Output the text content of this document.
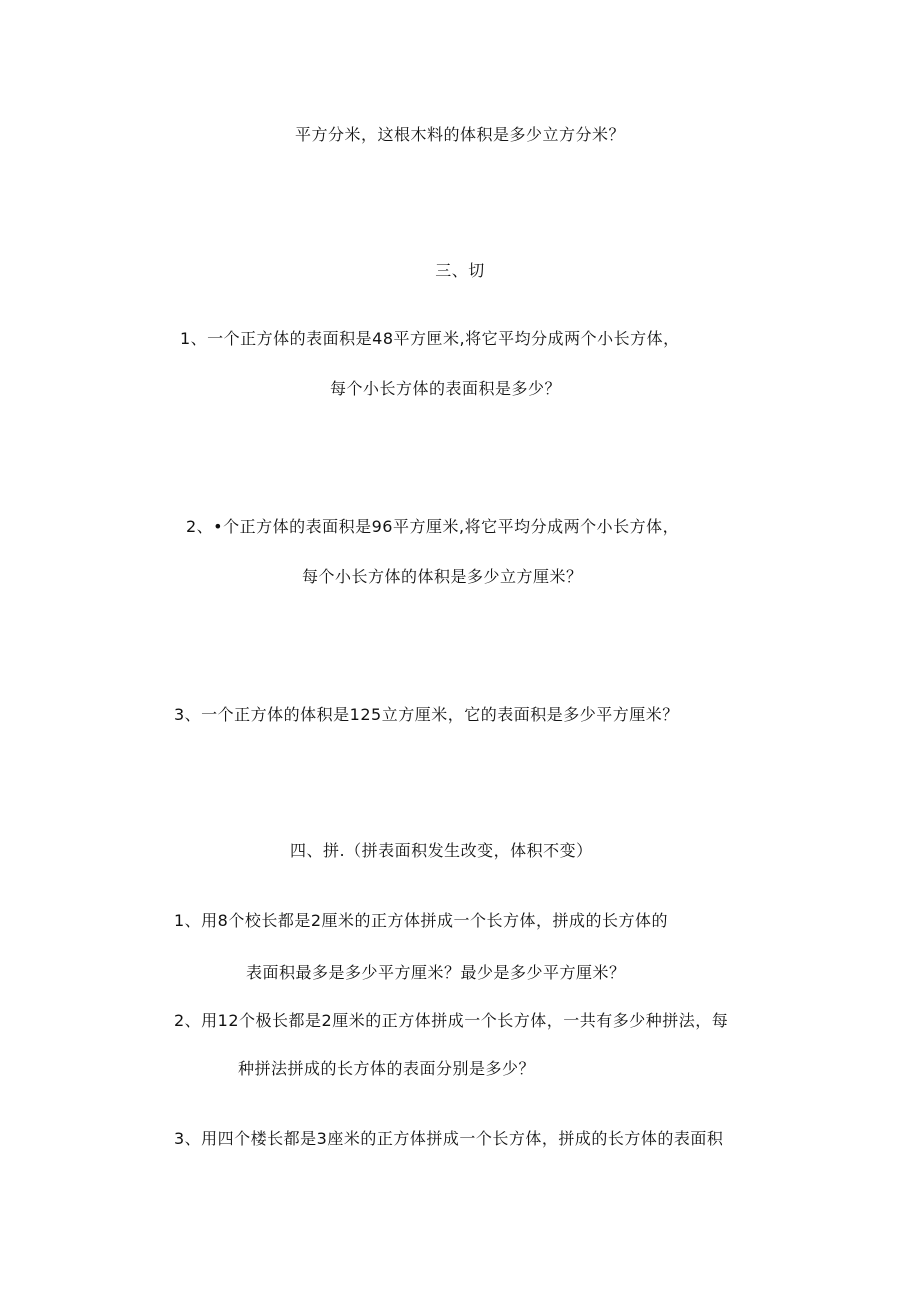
平方分米，这根木料的体积是多少立方分米？
三、切
1、一个正方体的表面积是48平方匣米,将它平均分成两个小长方体，
每个小长方体的表面积是多少？
2、•个正方体的表面积是96平方厘米,将它平均分成两个小长方体，
每个小长方体的体积是多少立方厘米？
3、一个正方体的体积是125立方厘米，它的表面积是多少平方厘米？
四、拼.（拼表面积发生改变，体积不变）
1、用8个校长都是2厘米的正方体拼成一个长方体，拼成的长方体的
表面积最多是多少平方厘米？最少是多少平方厘米？
2、用12个极长都是2厘米的正方体拼成一个长方体，一共有多少种拼法，每
种拼法拼成的长方体的表面分别是多少？
3、用四个楼长都是3座米的正方体拼成一个长方体，拼成的长方体的表面积
